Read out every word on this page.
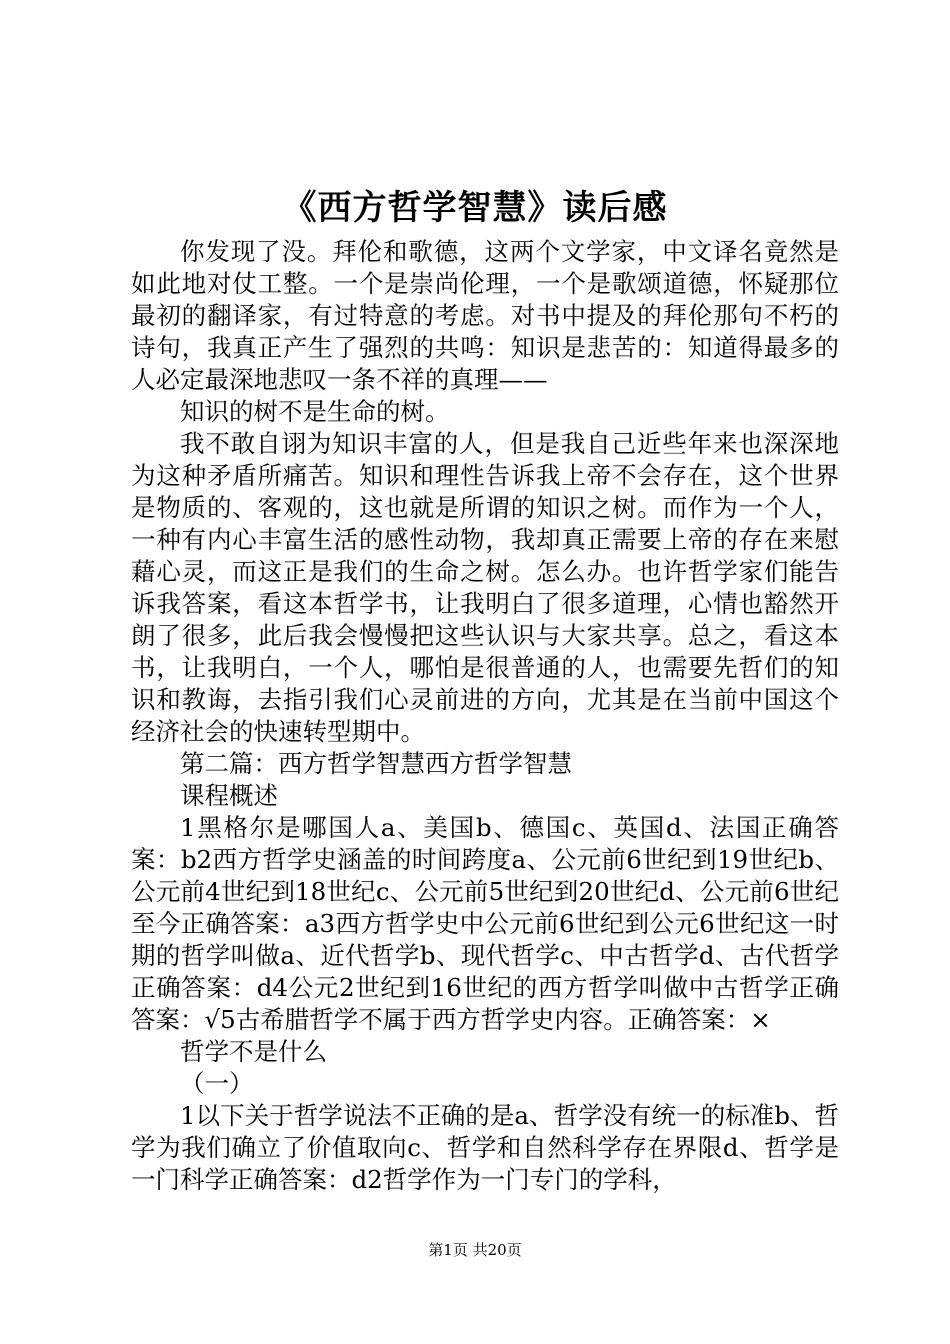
《西方哲学智慧》读后感

你发现了没。拜伦和歌德，这两个文学家，中文译名竟然是如此地对仗工整。一个是崇尚伦理，一个是歌颂道德，怀疑那位最初的翻译家，有过特意的考虑。对书中提及的拜伦那句不朽的诗句，我真正产生了强烈的共鸣：知识是悲苦的：知道得最多的人必定最深地悲叹一条不祥的真理——

知识的树不是生命的树。

我不敢自诩为知识丰富的人，但是我自己近些年来也深深地为这种矛盾所痛苦。知识和理性告诉我上帝不会存在，这个世界是物质的、客观的，这也就是所谓的知识之树。而作为一个人，一种有内心丰富生活的感性动物，我却真正需要上帝的存在来慰藉心灵，而这正是我们的生命之树。怎么办。也许哲学家们能告诉我答案，看这本哲学书，让我明白了很多道理，心情也豁然开朗了很多，此后我会慢慢把这些认识与大家共享。总之，看这本书，让我明白，一个人，哪怕是很普通的人，也需要先哲们的知识和教诲，去指引我们心灵前进的方向，尤其是在当前中国这个经济社会的快速转型期中。

第二篇：西方哲学智慧西方哲学智慧

课程概述

1黑格尔是哪国人a、美国b、德国c、英国d、法国正确答案：b2西方哲学史涵盖的时间跨度a、公元前6世纪到19世纪b、公元前4世纪到18世纪c、公元前5世纪到20世纪d、公元前6世纪至今正确答案：a3西方哲学史中公元前6世纪到公元6世纪这一时期的哲学叫做a、近代哲学b、现代哲学c、中古哲学d、古代哲学正确答案：d4公元2世纪到16世纪的西方哲学叫做中古哲学正确答案：√5古希腊哲学不属于西方哲学史内容。正确答案：×

哲学不是什么

（一）

1以下关于哲学说法不正确的是a、哲学没有统一的标准b、哲学为我们确立了价值取向c、哲学和自然科学存在界限d、哲学是一门科学正确答案：d2哲学作为一门专门的学科，

第1页 共20页
